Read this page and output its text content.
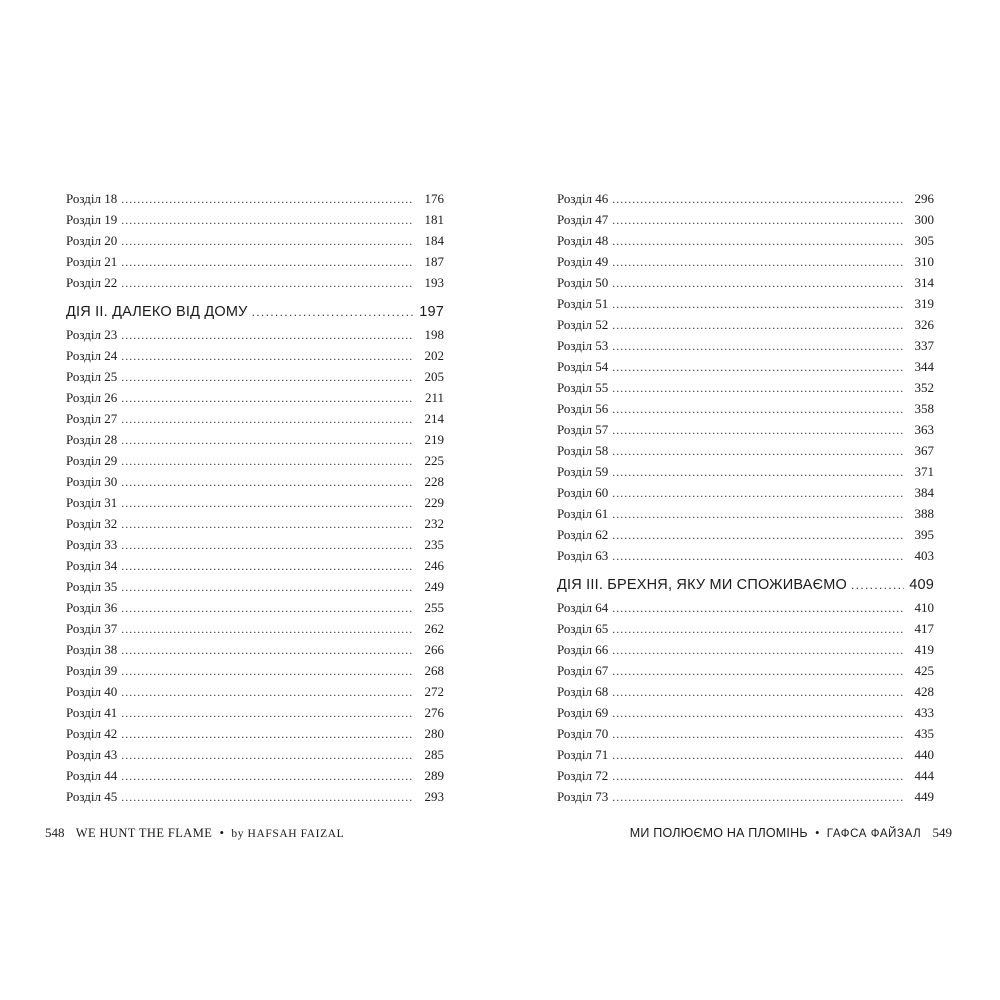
Розділ 18 . . .	176
Розділ 19 . . .	181
Розділ 20 . . .	184
Розділ 21 . . .	187
Розділ 22 . . .	193
ДІЯ ІІ. ДАЛЕКО ВІД ДОМУ . . .	197
Розділ 23 . . .	198
Розділ 24 . . .	202
Розділ 25 . . .	205
Розділ 26 . . .	211
Розділ 27 . . .	214
Розділ 28 . . .	219
Розділ 29 . . .	225
Розділ 30 . . .	228
Розділ 31 . . .	229
Розділ 32 . . .	232
Розділ 33 . . .	235
Розділ 34 . . .	246
Розділ 35 . . .	249
Розділ 36 . . .	255
Розділ 37 . . .	262
Розділ 38 . . .	266
Розділ 39 . . .	268
Розділ 40 . . .	272
Розділ 41 . . .	276
Розділ 42 . . .	280
Розділ 43 . . .	285
Розділ 44 . . .	289
Розділ 45 . . .	293
548 WE HUNT THE FLAME • by HAFSAH FAIZAL
Розділ 46 . . .	296
Розділ 47 . . .	300
Розділ 48 . . .	305
Розділ 49 . . .	310
Розділ 50 . . .	314
Розділ 51 . . .	319
Розділ 52 . . .	326
Розділ 53 . . .	337
Розділ 54 . . .	344
Розділ 55 . . .	352
Розділ 56 . . .	358
Розділ 57 . . .	363
Розділ 58 . . .	367
Розділ 59 . . .	371
Розділ 60 . . .	384
Розділ 61 . . .	388
Розділ 62 . . .	395
Розділ 63 . . .	403
ДІЯ ІІІ. БРЕХНЯ, ЯКУ МИ СПОЖИВАЄМО . . .	409
Розділ 64 . . .	410
Розділ 65 . . .	417
Розділ 66 . . .	419
Розділ 67 . . .	425
Розділ 68 . . .	428
Розділ 69 . . .	433
Розділ 70 . . .	435
Розділ 71 . . .	440
Розділ 72 . . .	444
Розділ 73 . . .	449
МИ ПОЛЮЄМО НА ПЛОМІНЬ • ГАФСА ФАЙЗАЛ 549
